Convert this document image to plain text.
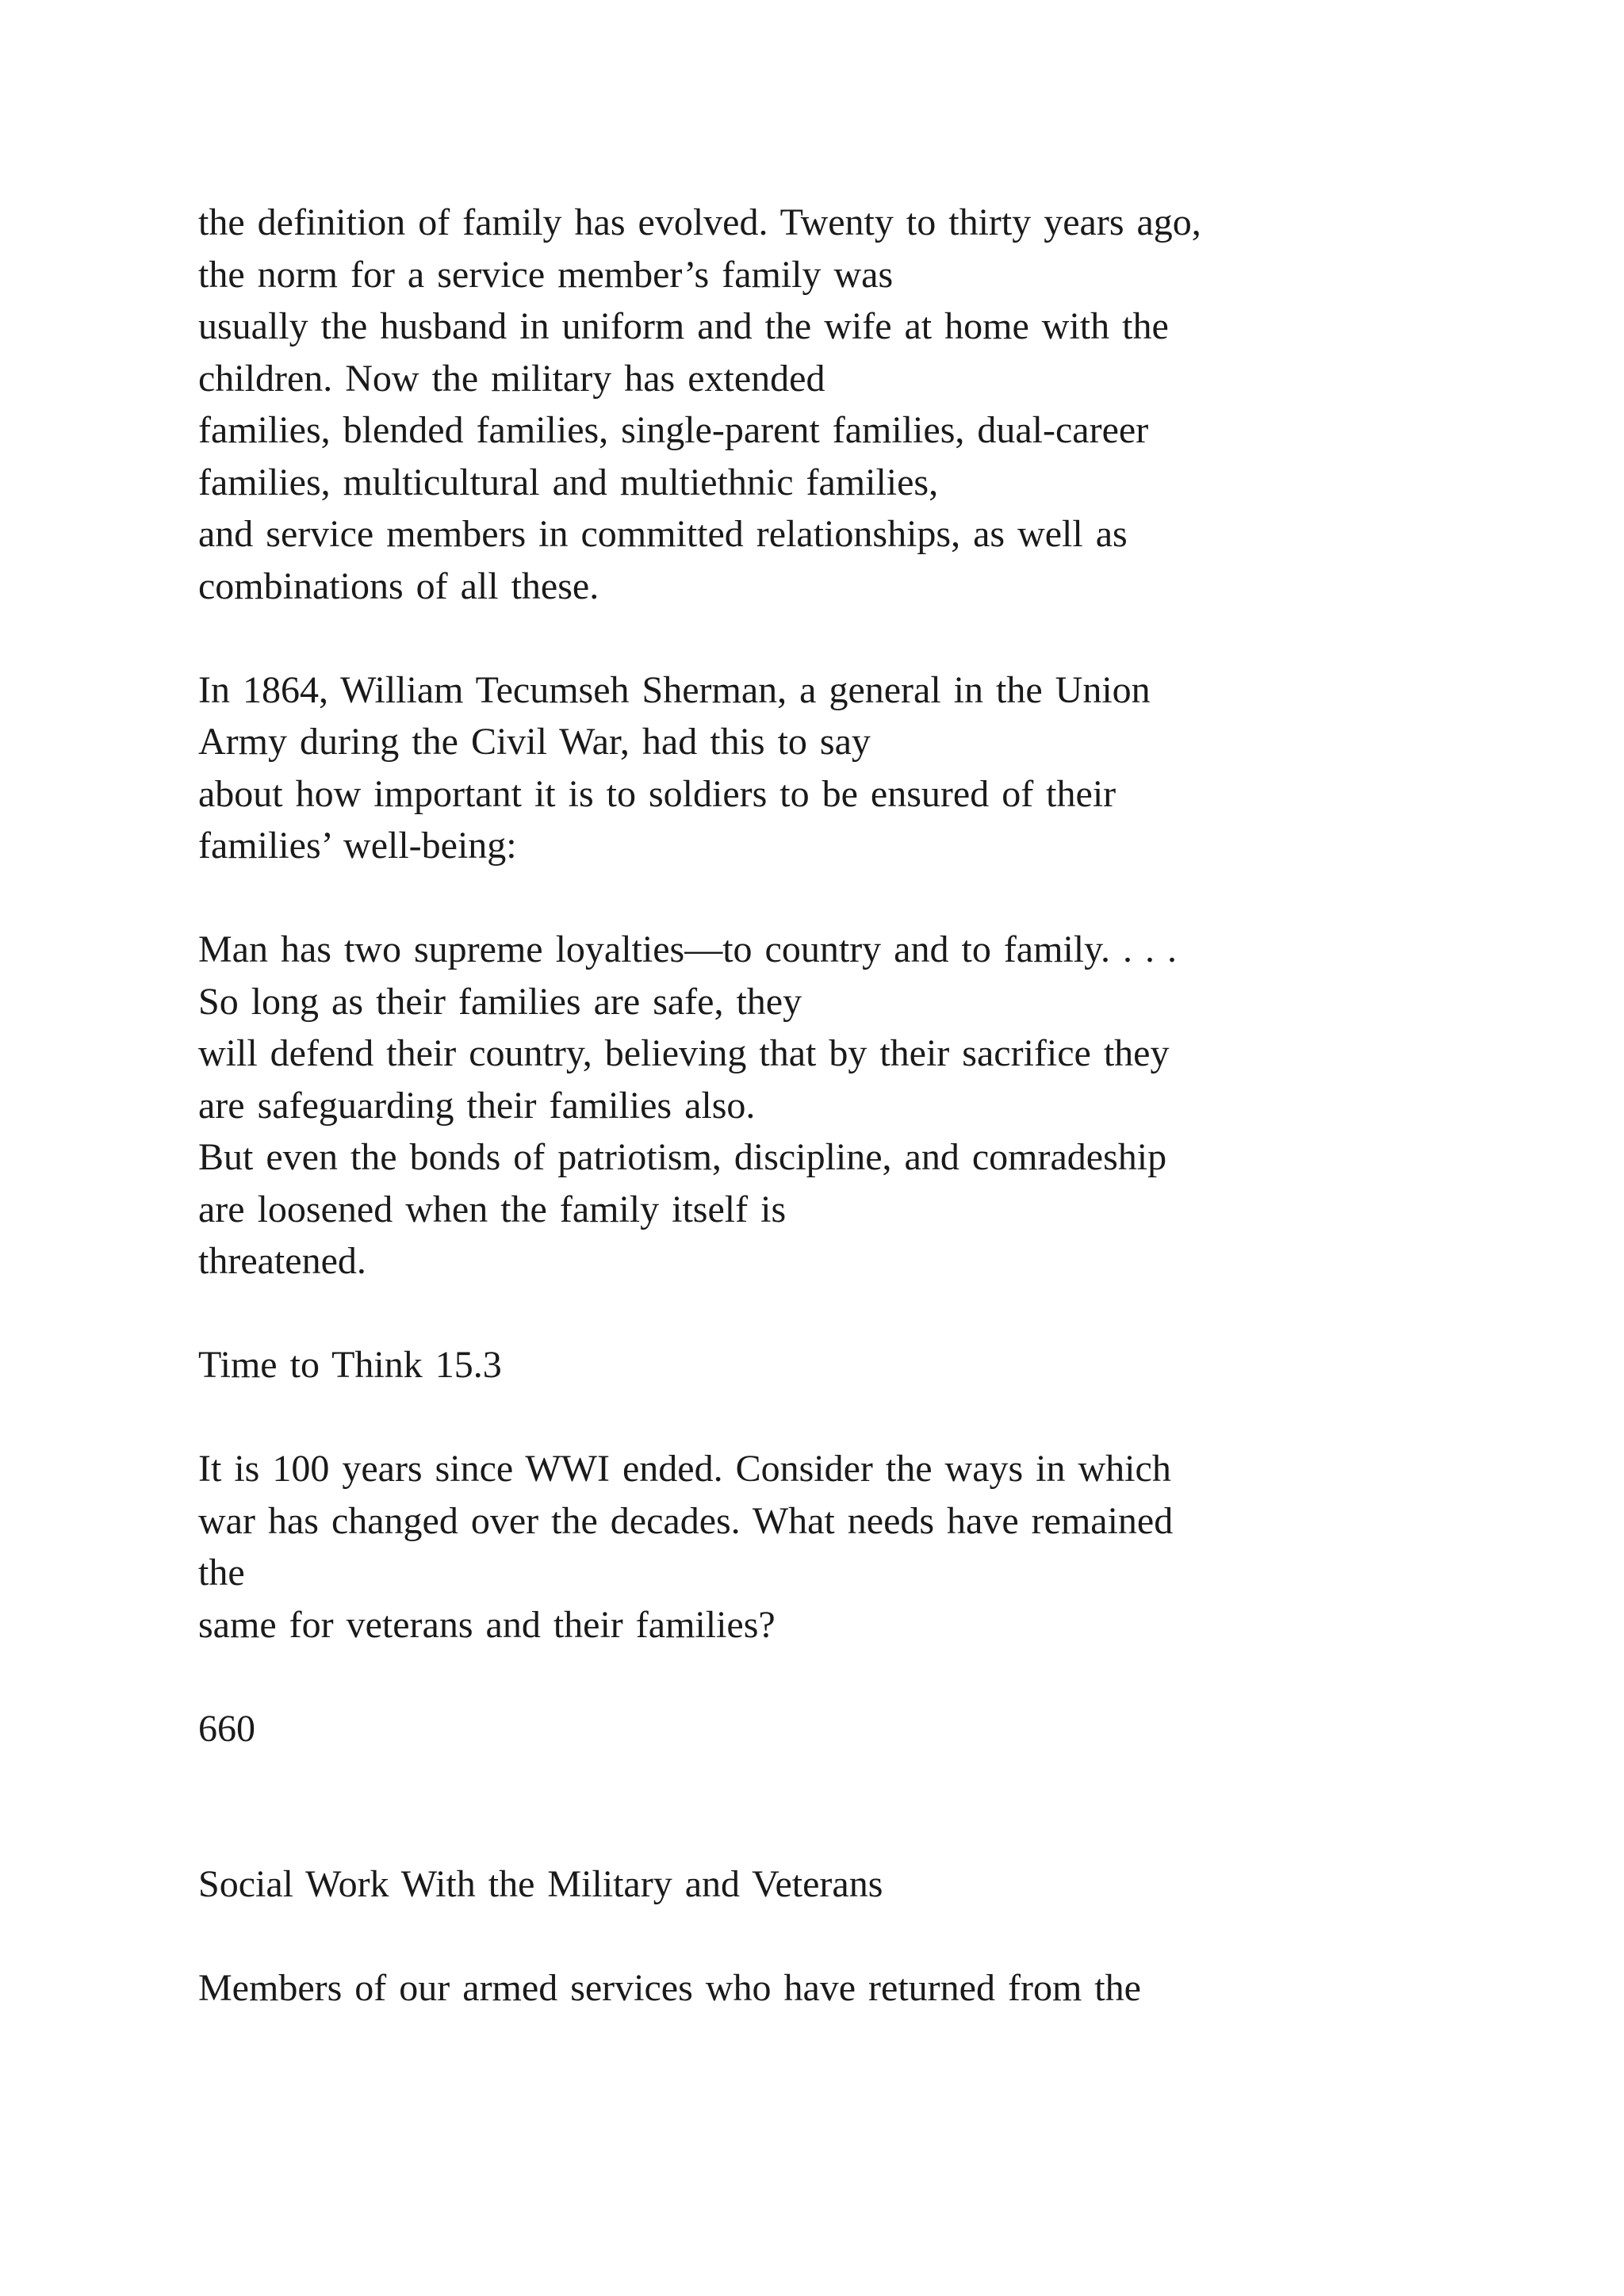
the definition of family has evolved. Twenty to thirty years ago,
the norm for a service member’s family was
usually the husband in uniform and the wife at home with the
children. Now the military has extended
families, blended families, single-parent families, dual-career
families, multicultural and multiethnic families,
and service members in committed relationships, as well as
combinations of all these.
In 1864, William Tecumseh Sherman, a general in the Union
Army during the Civil War, had this to say
about how important it is to soldiers to be ensured of their
families’ well-being:
Man has two supreme loyalties—to country and to family. . . .
So long as their families are safe, they
will defend their country, believing that by their sacrifice they
are safeguarding their families also.
But even the bonds of patriotism, discipline, and comradeship
are loosened when the family itself is
threatened.
Time to Think 15.3
It is 100 years since WWI ended. Consider the ways in which
war has changed over the decades. What needs have remained
the
same for veterans and their families?
660
Social Work With the Military and Veterans
Members of our armed services who have returned from the
